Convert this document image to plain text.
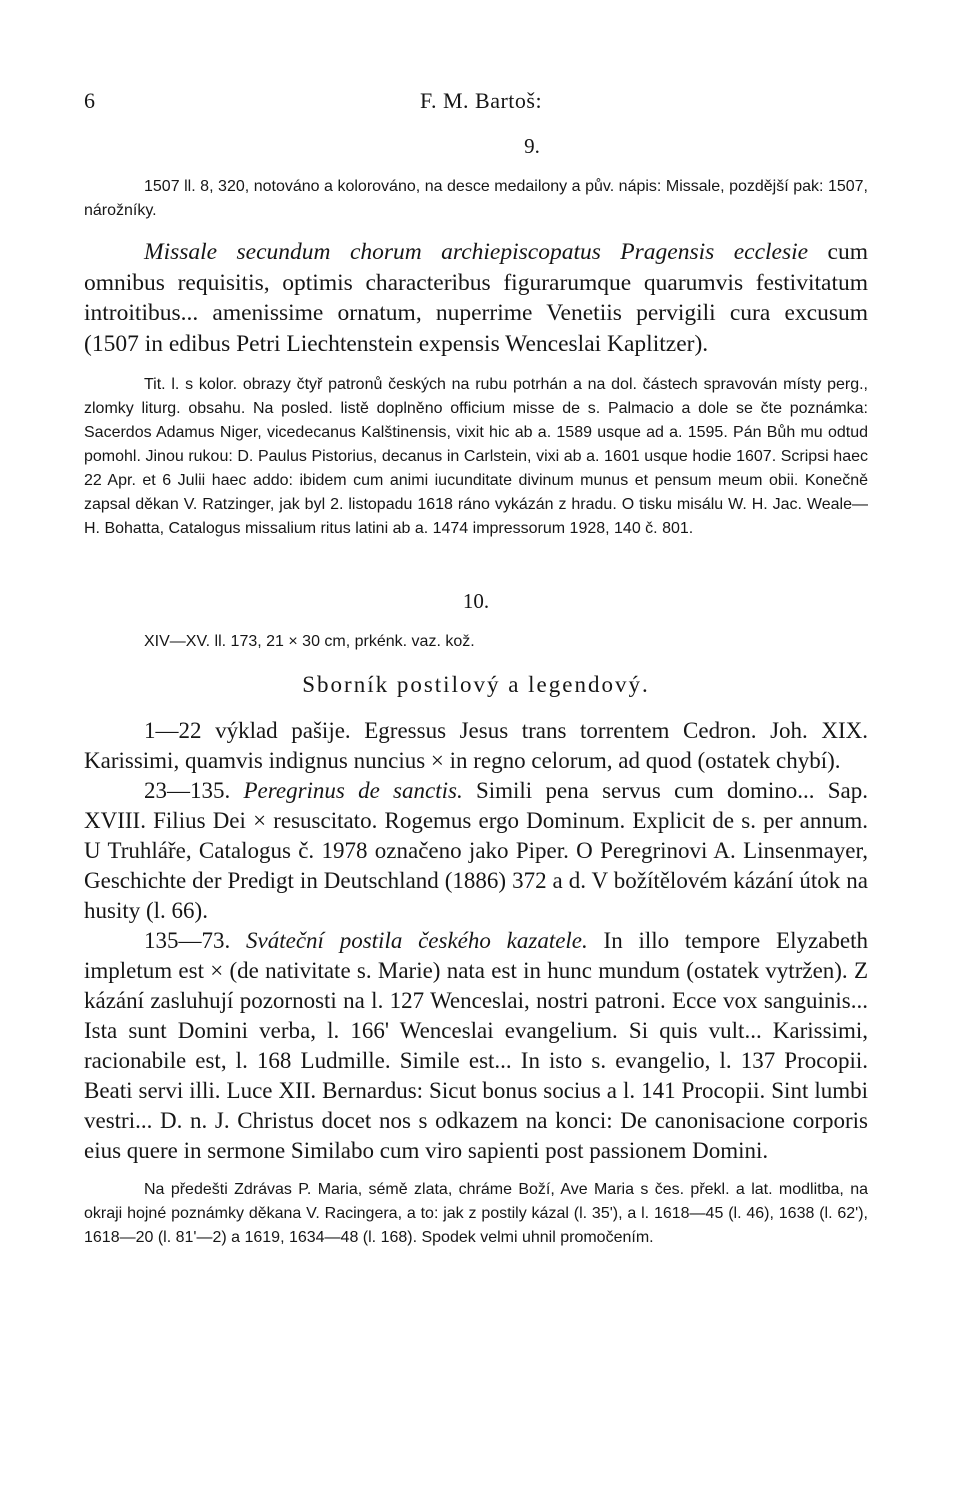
6	F. M. Bartoš:
9.

1507 ll. 8, 320, notováno a kolorováno, na desce medailony a pův. nápis: Missale, pozdější pak: 1507, nárožníky.

Missale secundum chorum archiepiscopatus Pragensis ecclesie cum omnibus requisitis, optimis characteribus figurarumque quarumvis festivitatum introitibus... amenissime ornatum, nuperrime Venetiis pervigili cura excusum (1507 in edibus Petri Liechtenstein expensis Wenceslai Kaplitzer).

Tit. l. s kolor. obrazy čtyř patronů českých na rubu potrhán a na dol. částech spravován místy perg., zlomky liturg. obsahu. Na posled. listě doplněno officium misse de s. Palmacio a dole se čte poznámka: Sacerdos Adamus Niger, vicedecanus Kalštinensis, vixit hic ab a. 1589 usque ad a. 1595. Pán Bůh mu odtud pomohl. Jinou rukou: D. Paulus Pistorius, decanus in Carlstein, vixi ab a. 1601 usque hodie 1607. Scripsi haec 22 Apr. et 6 Julii haec addo: ibidem cum animi iucunditate divinum munus et pensum meum obii. Konečně zapsal děkan V. Ratzinger, jak byl 2. listopadu 1618 ráno vykázán z hradu. O tisku misálu W. H. Jac. Weale—H. Bohatta, Catalogus missalium ritus latini ab a. 1474 impressorum 1928, 140 č. 801.

10.

XIV—XV. ll. 173, 21 × 30 cm, prkénk. vaz. kož.

Sborník postilový a legendový.

1—22 výklad pašije. Egressus Jesus trans torrentem Cedron. Joh. XIX. Karissimi, quamvis indignus nuncius × in regno celorum, ad quod (ostatek chybí).

23—135. Peregrinus de sanctis. Simili pena servus cum domino... Sap. XVIII. Filius Dei × resuscitato. Rogemus ergo Dominum. Explicit de s. per annum. U Truhláře, Catalogus č. 1978 označeno jako Piper. O Peregrinovi A. Linsenmayer, Geschichte der Predigt in Deutschland (1886) 372 a d. V božítělovém kázání útok na husity (l. 66).

135—73. Sváteční postila českého kazatele. In illo tempore Elyzabeth impletum est × (de nativitate s. Marie) nata est in hunc mundum (ostatek vytržen). Z kázání zasluhují pozornosti na l. 127 Wenceslai, nostri patroni. Ecce vox sanguinis... Ista sunt Domini verba, l. 166' Wenceslai evangelium. Si quis vult... Karissimi, racionabile est, l. 168 Ludmille. Simile est... In isto s. evangelio, l. 137 Procopii. Beati servi illi. Luce XII. Bernardus: Sicut bonus socius a l. 141 Procopii. Sint lumbi vestri... D. n. J. Christus docet nos s odkazem na konci: De canonisacione corporis eius quere in sermone Similabo cum viro sapienti post passionem Domini.

Na předešti Zdrávas P. Maria, sémě zlata, chráme Boží, Ave Maria s čes. překl. a lat. modlitba, na okraji hojné poznámky děkana V. Racingera, a to: jak z postily kázal (l. 35'), a l. 1618—45 (l. 46), 1638 (l. 62'), 1618—20 (l. 81'—2) a 1619, 1634—48 (l. 168). Spodek velmi uhnil promočením.
